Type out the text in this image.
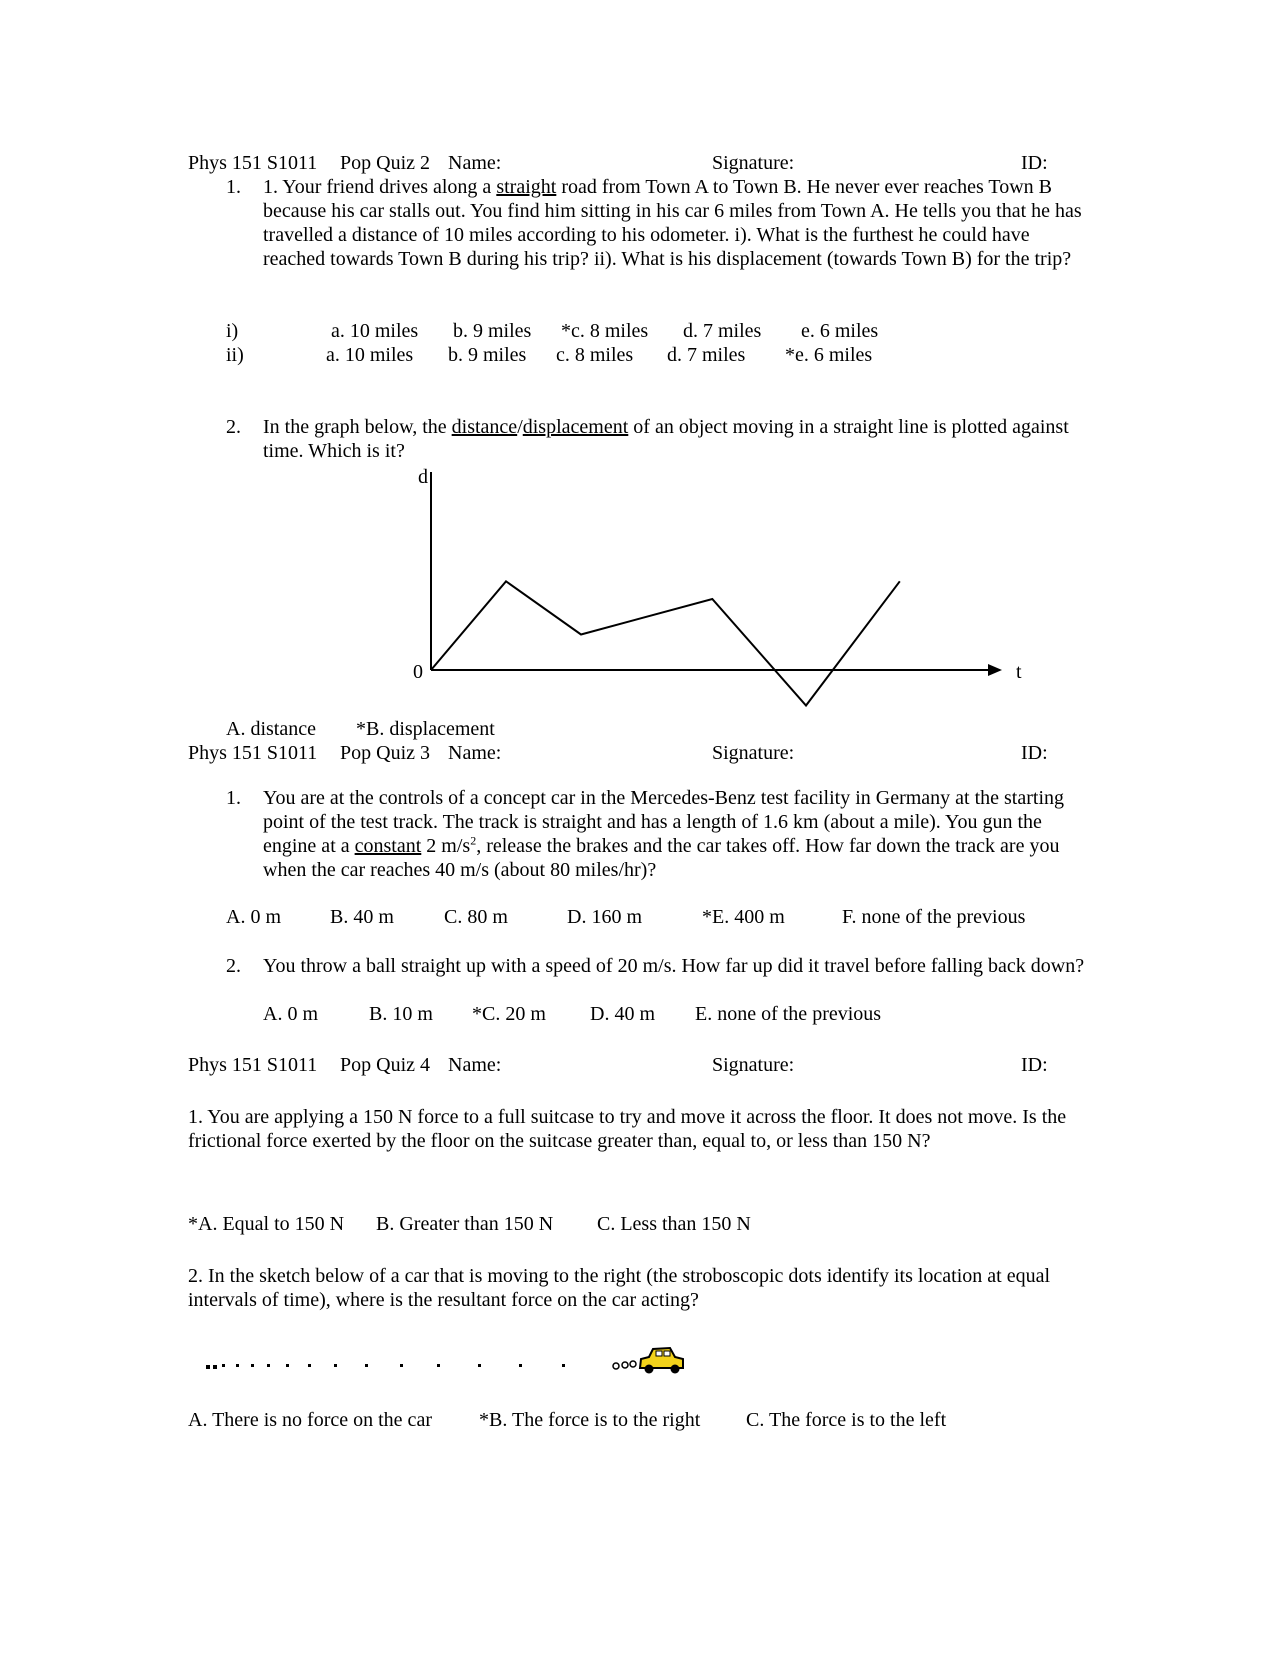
Phys 151 S1011 Pop Quiz 2 Name:	Signature:	ID:
1. 1. Your friend drives along a straight road from Town A to Town B. He never ever reaches Town B because his car stalls out. You find him sitting in his car 6 miles from Town A. He tells you that he has travelled a distance of 10 miles according to his odometer. i). What is the furthest he could have reached towards Town B during his trip? ii). What is his displacement (towards Town B) for the trip?
i)	a. 10 miles b. 9 miles *c. 8 miles d. 7 miles e. 6 miles
ii)	a. 10 miles b. 9 miles c. 8 miles d. 7 miles *e. 6 miles
2. In the graph below, the distance/displacement of an object moving in a straight line is plotted against time. Which is it?
d
0	t
A. distance *B. displacement
Phys 151 S1011 Pop Quiz 3 Name:	Signature:	ID:
1. You are at the controls of a concept car in the Mercedes-Benz test facility in Germany at the starting point of the test track. The track is straight and has a length of 1.6 km (about a mile). You gun the engine at a constant 2 $m/s^2$, release the brakes and the car takes off. How far down the track are you when the car reaches 40 m/s (about 80 miles/hr)?
A. 0 m B. 40 m	C. 80 m	D. 160 m	*E. 400 m	F. none of the previous
2. You throw a ball straight up with a speed of 20 m/s. How far up did it travel before falling back down?
A. 0 m	B. 10 m *C. 20 m D. 40 m E. none of the previous
Phys 151 S1011 Pop Quiz 4 Name:	Signature:	ID:
1. You are applying a 150 N force to a full suitcase to try and move it across the floor. It does not move. Is the frictional force exerted by the floor on the suitcase greater than, equal to, or less than 150 N?
*A. Equal to 150 N B. Greater than 150 N C. Less than 150 N
2. In the sketch below of a car that is moving to the right (the stroboscopic dots identify its location at equal intervals of time), where is the resultant force on the car acting?
A. There is no force on the car *B. The force is to the right C. The force is to the left
